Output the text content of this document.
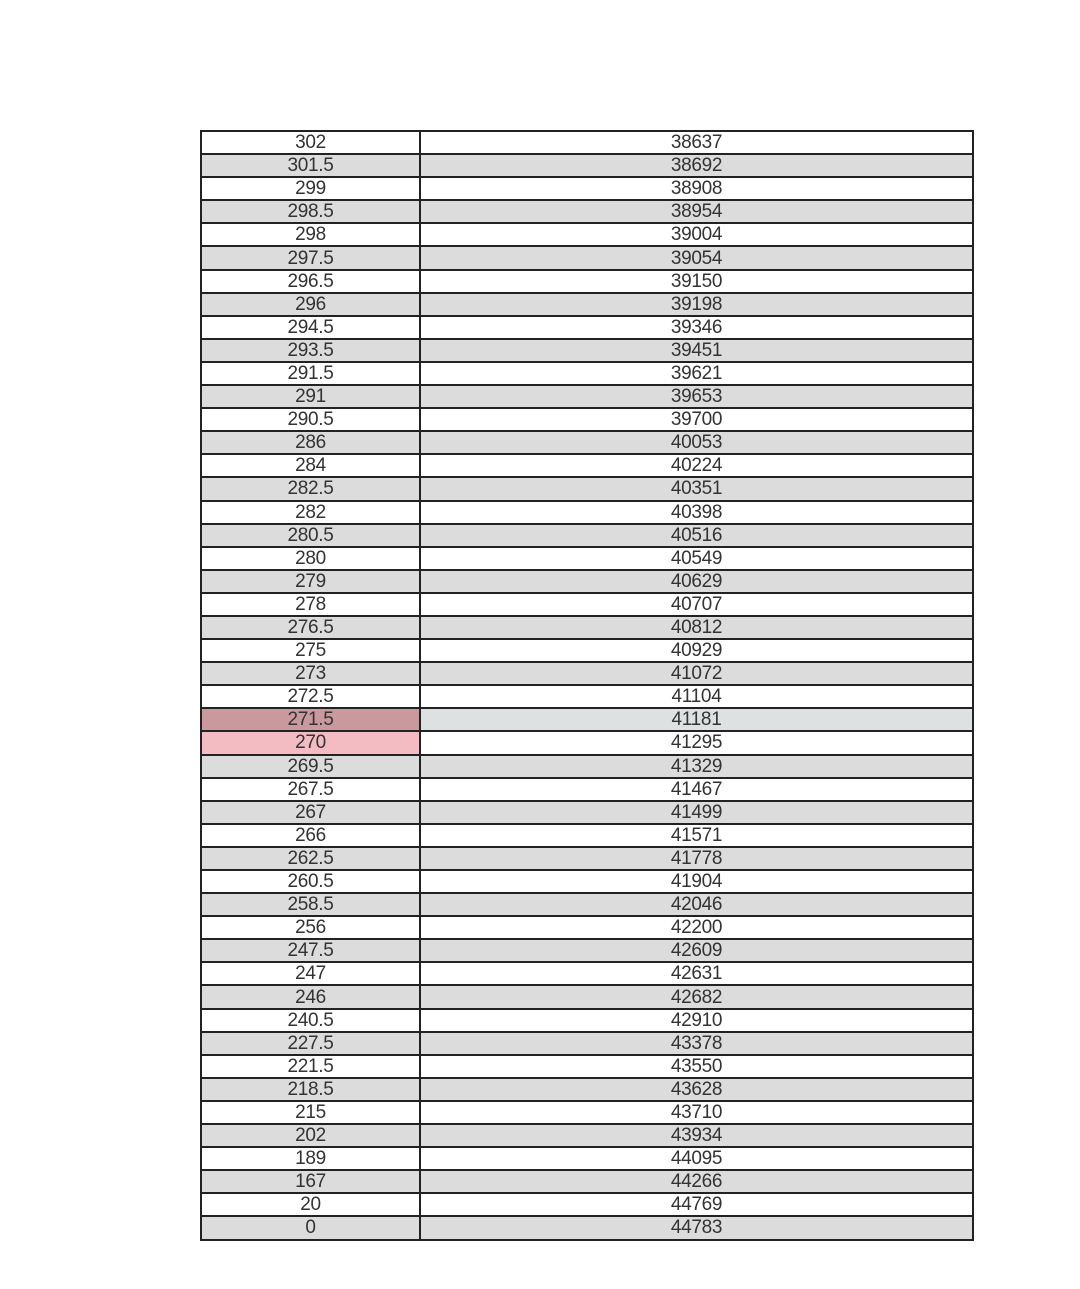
302	38637
301.5	38692
299	38908
298.5	38954
298	39004
297.5	39054
296.5	39150
296	39198
294.5	39346
293.5	39451
291.5	39621
291	39653
290.5	39700
286	40053
284	40224
282.5	40351
282	40398
280.5	40516
280	40549
279	40629
278	40707
276.5	40812
275	40929
273	41072
272.5	41104
271.5	41181
270	41295
269.5	41329
267.5	41467
267	41499
266	41571
262.5	41778
260.5	41904
258.5	42046
256	42200
247.5	42609
247	42631
246	42682
240.5	42910
227.5	43378
221.5	43550
218.5	43628
215	43710
202	43934
189	44095
167	44266
20	44769
0	44783
